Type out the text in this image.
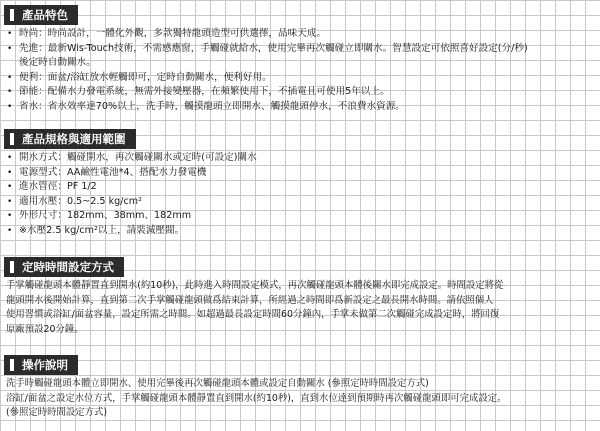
產品特色
• 時尚：時尚設計，一體化外觀，多款獨特龍頭造型可供選擇，品味天成。
• 先進：最新Wis-Touch技術，不需感應窗，手觸碰就給水，使用完畢再次觸碰立即關水。智慧設定可依照喜好設定(分/秒)
後定時自動關水。
• 便利：面盆/浴缸放水輕觸即可，定時自動關水，便利好用。
• 節能：配備水力發電系統，無需外接變壓器，在頻繁使用下，不插電且可使用5年以上。
• 省水：省水效率達70%以上，洗手時，觸摸龍頭立即開水、觸摸龍頭停水，不浪費水資源。
產品規格與適用範圍
• 開水方式：觸碰開水，再次觸碰關水或定時(可設定)關水
• 電源型式：AA鹼性電池*4、搭配水力發電機
• 進水管徑：PF 1/2
• 適用水壓：0.5~2.5 kg/cm²
• 外形尺寸：182mm、38mm、182mm
• ※水壓2.5 kg/cm²以上，請裝減壓閥。
定時時間設定方式
手掌觸碰龍頭本體靜置直到開水(約10秒)，此時進入時間設定模式，再次觸碰龍頭本體後關水即完成設定。時間設定將從
龍頭開水後開始計算，直到第二次手掌觸碰龍頭做爲結束計算，所經過之時間即爲新設定之最長開水時間。請依照個人
使用習慣或浴缸/面盆容量，設定所需之時間。如超過最長設定時間60分鐘內，手掌未做第二次觸碰完成設定時，將回復
原廠預設20分鐘。
操作說明
洗手時觸碰龍頭本體立即開水、使用完畢後再次觸碰龍頭本體或設定自動關水 (參照定時時間設定方式)
浴缸/面盆之設定水位方式，手掌觸碰龍頭本體靜置直到開水(約10秒)，直到水位達到預期時再次觸碰龍頭即可完成設定。
(參照定時時間設定方式)
